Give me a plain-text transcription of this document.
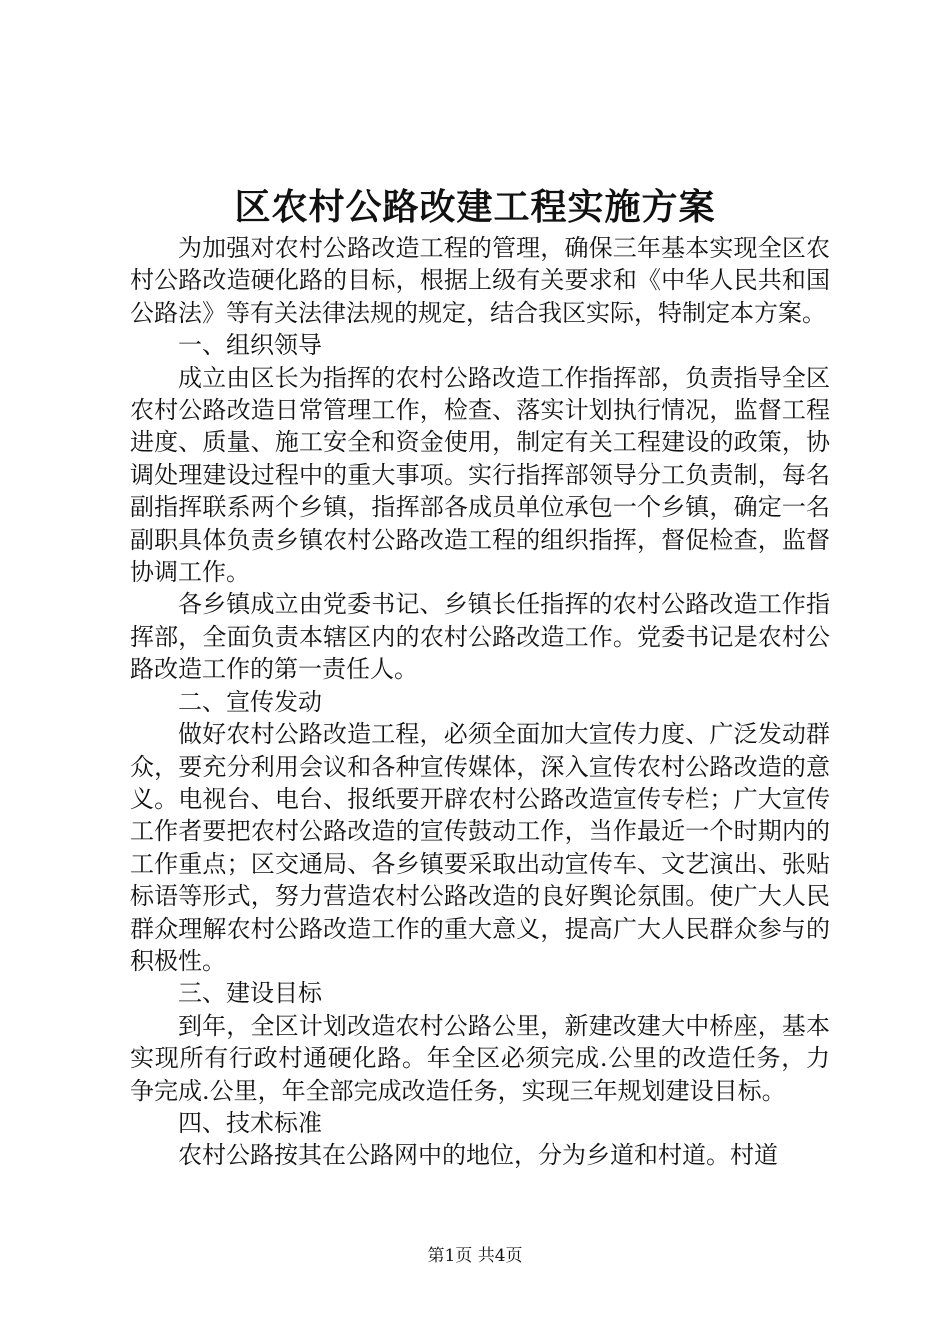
区农村公路改建工程实施方案

为加强对农村公路改造工程的管理，确保三年基本实现全区农村公路改造硬化路的目标，根据上级有关要求和《中华人民共和国公路法》等有关法律法规的规定，结合我区实际，特制定本方案。

一、组织领导

成立由区长为指挥的农村公路改造工作指挥部，负责指导全区农村公路改造日常管理工作，检查、落实计划执行情况，监督工程进度、质量、施工安全和资金使用，制定有关工程建设的政策，协调处理建设过程中的重大事项。实行指挥部领导分工负责制，每名副指挥联系两个乡镇，指挥部各成员单位承包一个乡镇，确定一名副职具体负责乡镇农村公路改造工程的组织指挥，督促检查，监督协调工作。

各乡镇成立由党委书记、乡镇长任指挥的农村公路改造工作指挥部，全面负责本辖区内的农村公路改造工作。党委书记是农村公路改造工作的第一责任人。

二、宣传发动

做好农村公路改造工程，必须全面加大宣传力度、广泛发动群众，要充分利用会议和各种宣传媒体，深入宣传农村公路改造的意义。电视台、电台、报纸要开辟农村公路改造宣传专栏；广大宣传工作者要把农村公路改造的宣传鼓动工作，当作最近一个时期内的工作重点；区交通局、各乡镇要采取出动宣传车、文艺演出、张贴标语等形式，努力营造农村公路改造的良好舆论氛围。使广大人民群众理解农村公路改造工作的重大意义，提高广大人民群众参与的积极性。

三、建设目标

到年，全区计划改造农村公路公里，新建改建大中桥座，基本实现所有行政村通硬化路。年全区必须完成.公里的改造任务，力争完成.公里，年全部完成改造任务，实现三年规划建设目标。

四、技术标准

农村公路按其在公路网中的地位，分为乡道和村道。村道

第1页 共4页
